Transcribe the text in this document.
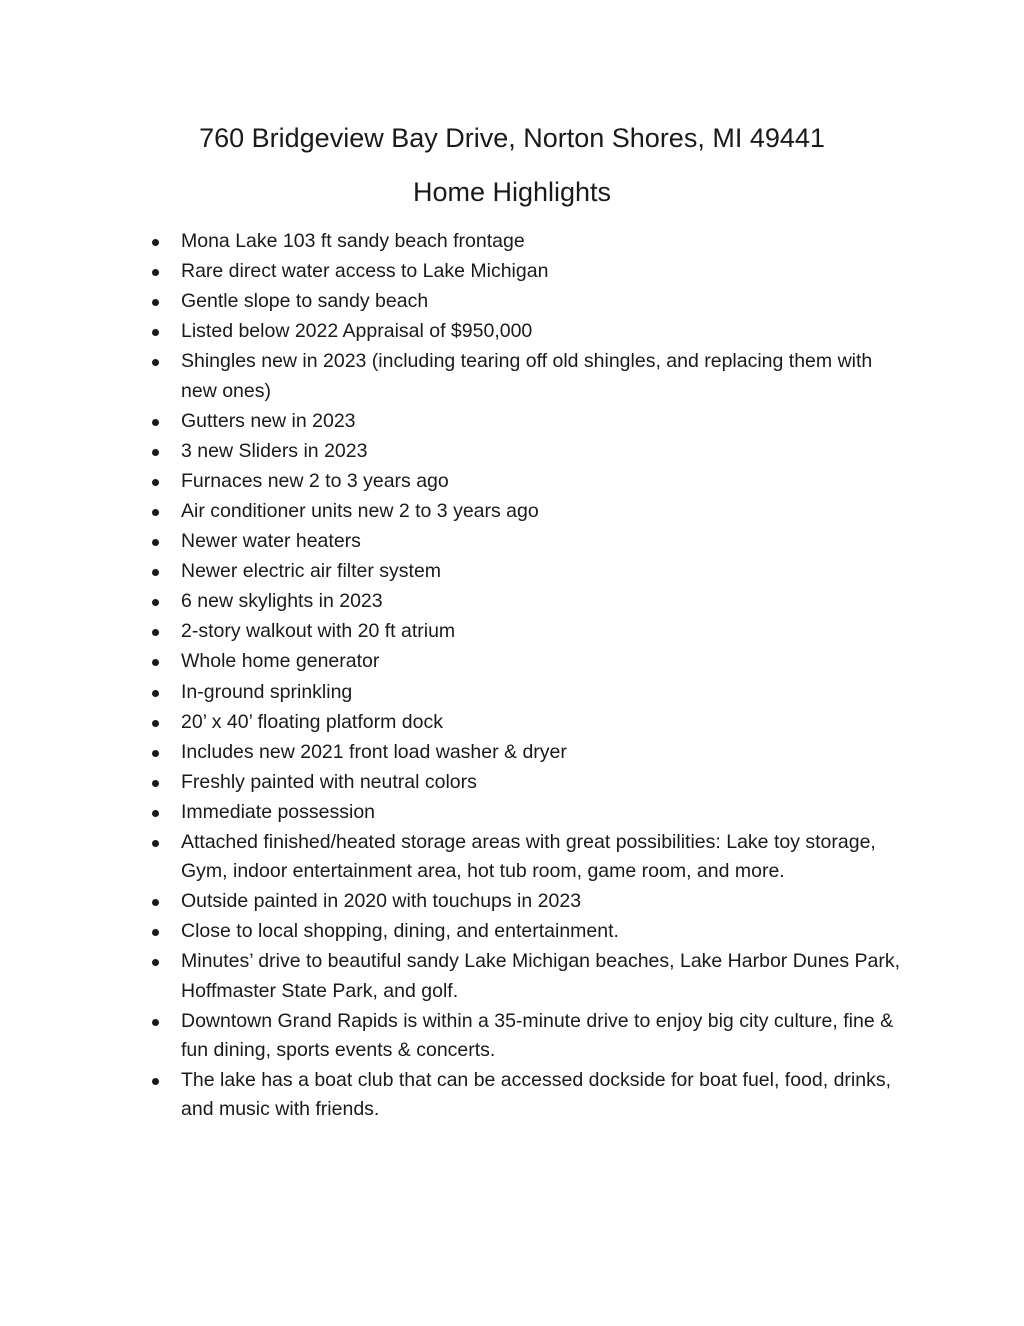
760 Bridgeview Bay Drive, Norton Shores, MI 49441
Home Highlights
Mona Lake 103 ft sandy beach frontage
Rare direct water access to Lake Michigan
Gentle slope to sandy beach
Listed below 2022 Appraisal of $950,000
Shingles new in 2023 (including tearing off old shingles, and replacing them with new ones)
Gutters new in 2023
3 new Sliders in 2023
Furnaces new 2 to 3 years ago
Air conditioner units new 2 to 3 years ago
Newer water heaters
Newer electric air filter system
6 new skylights in 2023
2-story walkout with 20 ft atrium
Whole home generator
In-ground sprinkling
20’ x 40’ floating platform dock
Includes new 2021 front load washer & dryer
Freshly painted with neutral colors
Immediate possession
Attached finished/heated storage areas with great possibilities: Lake toy storage, Gym, indoor entertainment area, hot tub room, game room, and more.
Outside painted in 2020 with touchups in 2023
Close to local shopping, dining, and entertainment.
Minutes’ drive to beautiful sandy Lake Michigan beaches, Lake Harbor Dunes Park, Hoffmaster State Park, and golf.
Downtown Grand Rapids is within a 35-minute drive to enjoy big city culture, fine & fun dining, sports events & concerts.
The lake has a boat club that can be accessed dockside for boat fuel, food, drinks, and music with friends.
